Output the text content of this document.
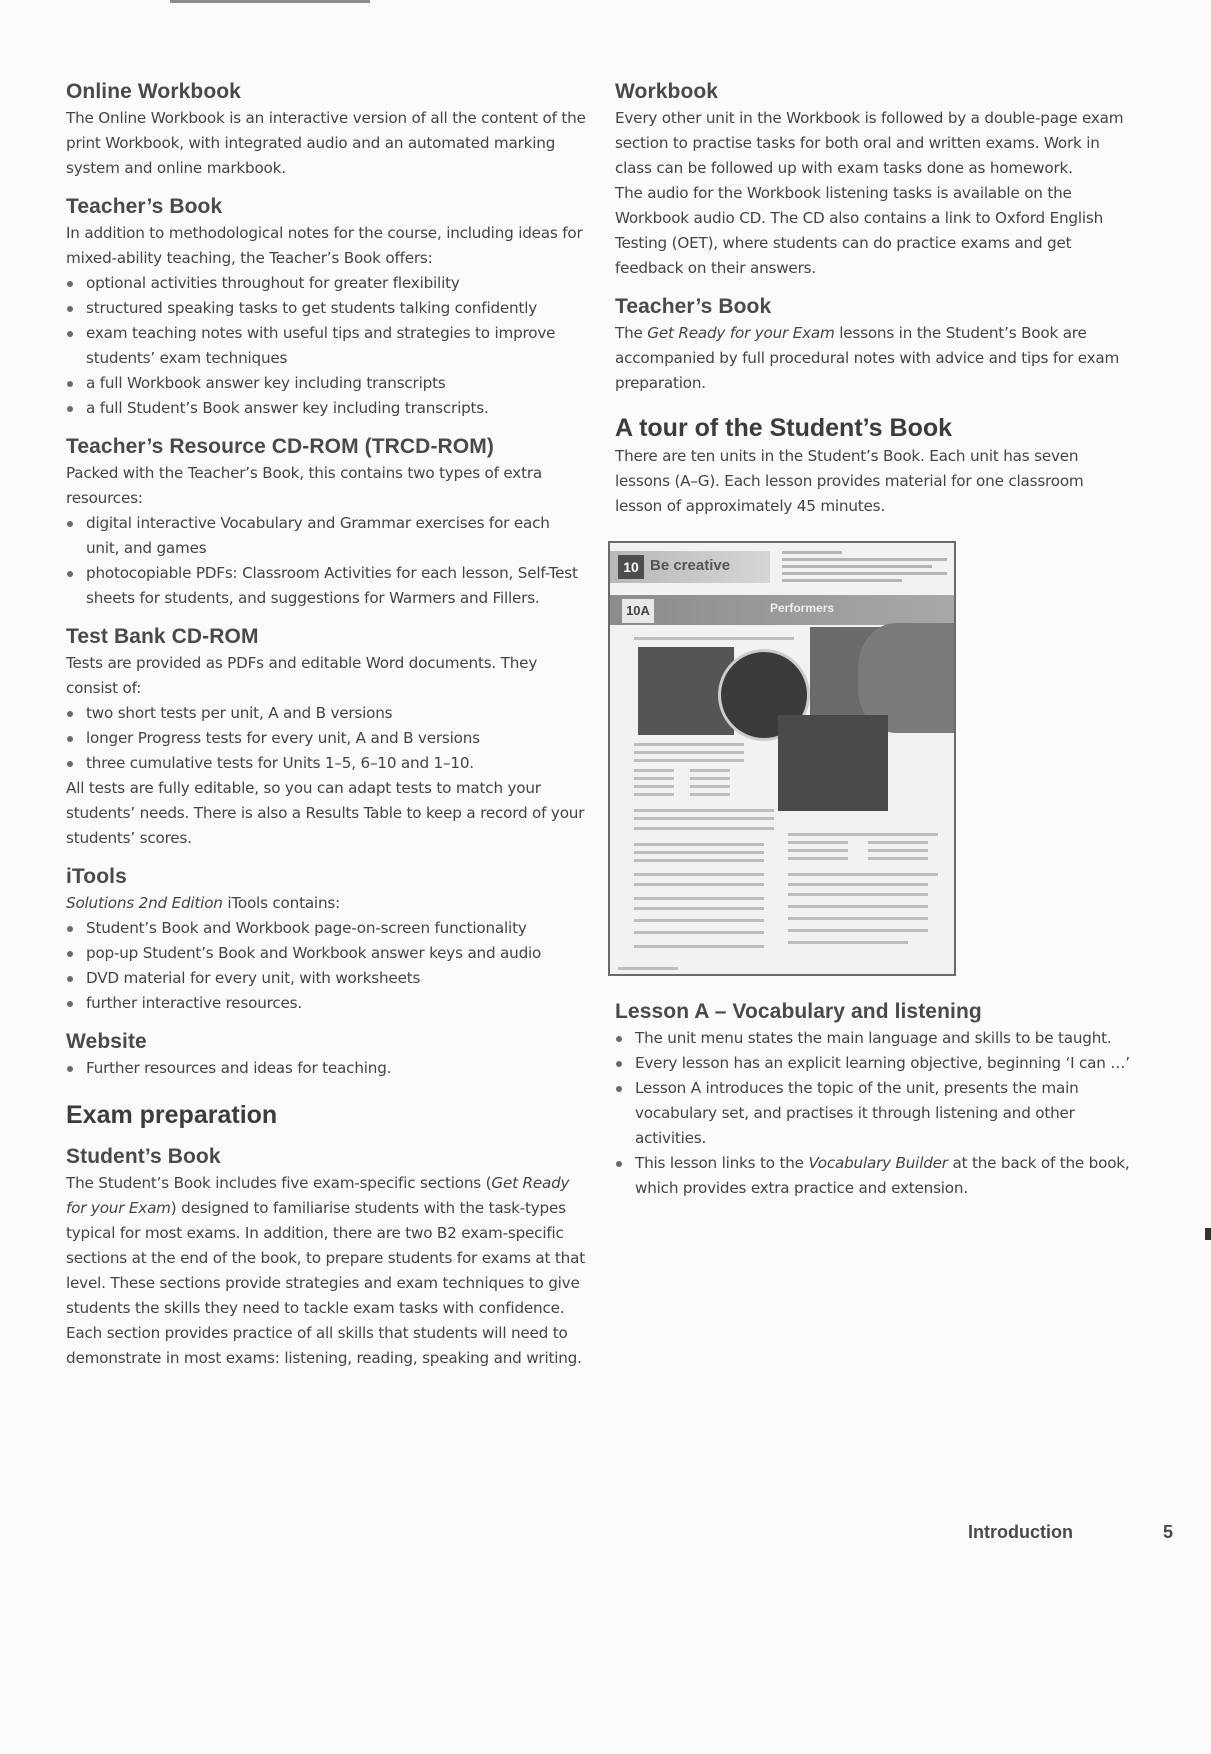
Online Workbook

The Online Workbook is an interactive version of all the content of the print Workbook, with integrated audio and an automated marking system and online markbook.

Teacher’s Book

In addition to methodological notes for the course, including ideas for mixed-ability teaching, the Teacher’s Book offers:

optional activities throughout for greater flexibility
structured speaking tasks to get students talking confidently
exam teaching notes with useful tips and strategies to improve students’ exam techniques
a full Workbook answer key including transcripts
a full Student’s Book answer key including transcripts.
Teacher’s Resource CD-ROM (TRCD-ROM)

Packed with the Teacher’s Book, this contains two types of extra resources:

digital interactive Vocabulary and Grammar exercises for each unit, and games
photocopiable PDFs: Classroom Activities for each lesson, Self-Test sheets for students, and suggestions for Warmers and Fillers.
Test Bank CD-ROM

Tests are provided as PDFs and editable Word documents. They consist of:

two short tests per unit, A and B versions
longer Progress tests for every unit, A and B versions
three cumulative tests for Units 1–5, 6–10 and 1–10.

All tests are fully editable, so you can adapt tests to match your students’ needs. There is also a Results Table to keep a record of your students’ scores.

iTools

Solutions 2nd Edition iTools contains:

Student’s Book and Workbook page-on-screen functionality
pop-up Student’s Book and Workbook answer keys and audio
DVD material for every unit, with worksheets
further interactive resources.
Website
Further resources and ideas for teaching.
Exam preparation
Student’s Book

The Student’s Book includes five exam-specific sections (Get Ready for your Exam) designed to familiarise students with the task-types typical for most exams. In addition, there are two B2 exam-specific sections at the end of the book, to prepare students for exams at that level. These sections provide strategies and exam techniques to give students the skills they need to tackle exam tasks with confidence.

Each section provides practice of all skills that students will need to demonstrate in most exams: listening, reading, speaking and writing.

Workbook

Every other unit in the Workbook is followed by a double-page exam section to practise tasks for both oral and written exams. Work in class can be followed up with exam tasks done as homework.

The audio for the Workbook listening tasks is available on the Workbook audio CD. The CD also contains a link to Oxford English Testing (OET), where students can do practice exams and get feedback on their answers.

Teacher’s Book

The Get Ready for your Exam lessons in the Student’s Book are accompanied by full procedural notes with advice and tips for exam preparation.

A tour of the Student’s Book

There are ten units in the Student’s Book. Each unit has seven lessons (A–G). Each lesson provides material for one classroom lesson of approximately 45 minutes.

10 Be creative
10A	Performers
Lesson A – Vocabulary and listening
The unit menu states the main language and skills to be taught.
Every lesson has an explicit learning objective, beginning ‘I can …’
Lesson A introduces the topic of the unit, presents the main vocabulary set, and practises it through listening and other activities.
This lesson links to the Vocabulary Builder at the back of the book, which provides extra practice and extension.
Introduction	5
